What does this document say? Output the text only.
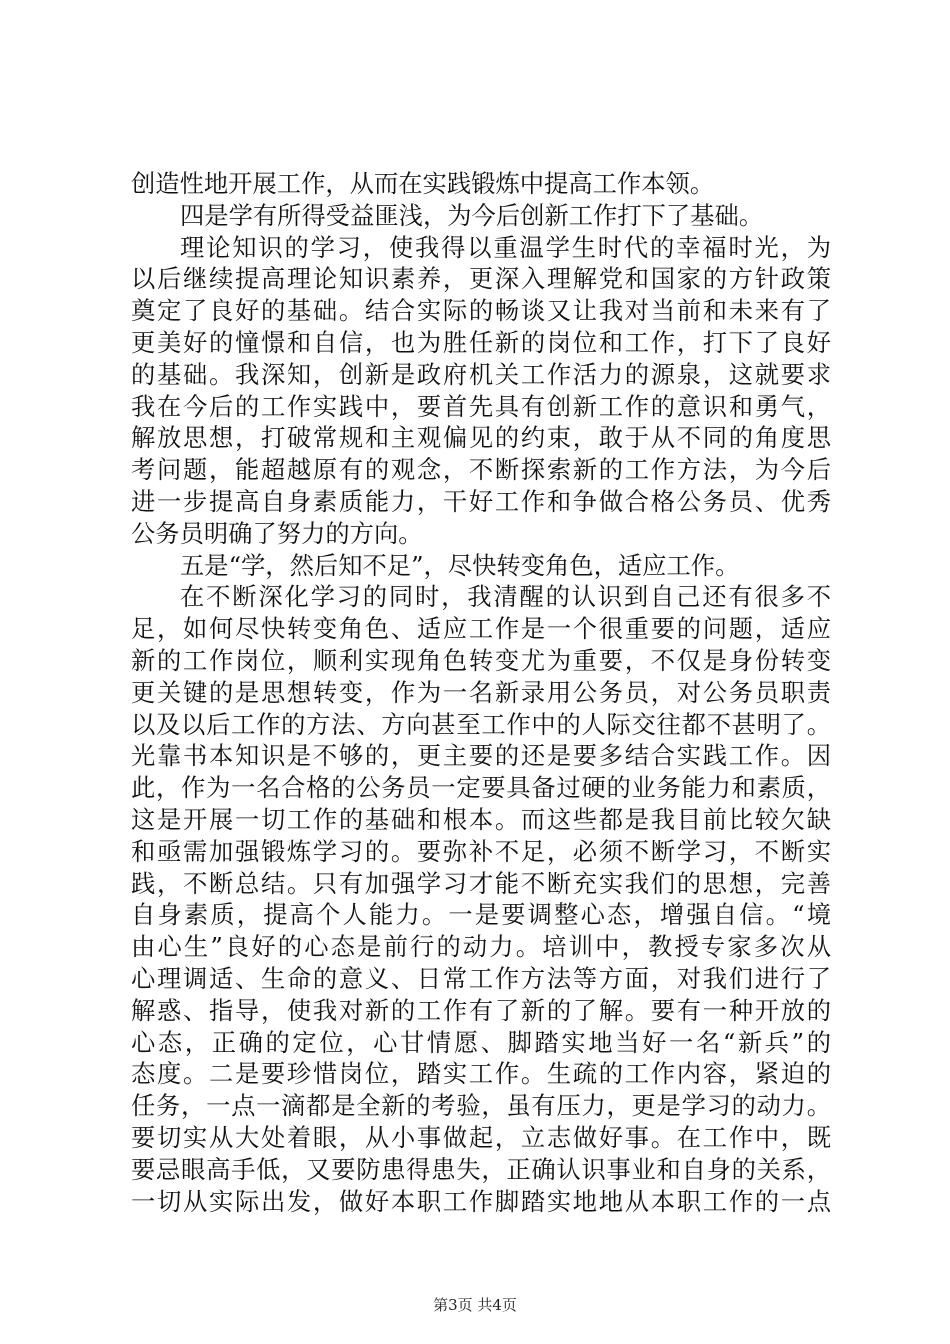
创造性地开展工作，从而在实践锻炼中提高工作本领。
四是学有所得受益匪浅，为今后创新工作打下了基础。
理论知识的学习，使我得以重温学生时代的幸福时光，为
以后继续提高理论知识素养，更深入理解党和国家的方针政策
奠定了良好的基础。结合实际的畅谈又让我对当前和未来有了
更美好的憧憬和自信，也为胜任新的岗位和工作，打下了良好
的基础。我深知，创新是政府机关工作活力的源泉，这就要求
我在今后的工作实践中，要首先具有创新工作的意识和勇气，
解放思想，打破常规和主观偏见的约束，敢于从不同的角度思
考问题，能超越原有的观念，不断探索新的工作方法，为今后
进一步提高自身素质能力，干好工作和争做合格公务员、优秀
公务员明确了努力的方向。
五是“学，然后知不足”，尽快转变角色，适应工作。
在不断深化学习的同时，我清醒的认识到自己还有很多不
足，如何尽快转变角色、适应工作是一个很重要的问题，适应
新的工作岗位，顺利实现角色转变尤为重要，不仅是身份转变
更关键的是思想转变，作为一名新录用公务员，对公务员职责
以及以后工作的方法、方向甚至工作中的人际交往都不甚明了。
光靠书本知识是不够的，更主要的还是要多结合实践工作。因
此，作为一名合格的公务员一定要具备过硬的业务能力和素质，
这是开展一切工作的基础和根本。而这些都是我目前比较欠缺
和亟需加强锻炼学习的。要弥补不足，必须不断学习，不断实
践，不断总结。只有加强学习才能不断充实我们的思想，完善
自身素质，提高个人能力。一是要调整心态，增强自信。“境
由心生”良好的心态是前行的动力。培训中，教授专家多次从
心理调适、生命的意义、日常工作方法等方面，对我们进行了
解惑、指导，使我对新的工作有了新的了解。要有一种开放的
心态，正确的定位，心甘情愿、脚踏实地当好一名“新兵”的
态度。二是要珍惜岗位，踏实工作。生疏的工作内容，紧迫的
任务，一点一滴都是全新的考验，虽有压力，更是学习的动力。
要切实从大处着眼，从小事做起，立志做好事。在工作中，既
要忌眼高手低，又要防患得患失，正确认识事业和自身的关系，
一切从实际出发，做好本职工作脚踏实地地从本职工作的一点
第3页 共4页
